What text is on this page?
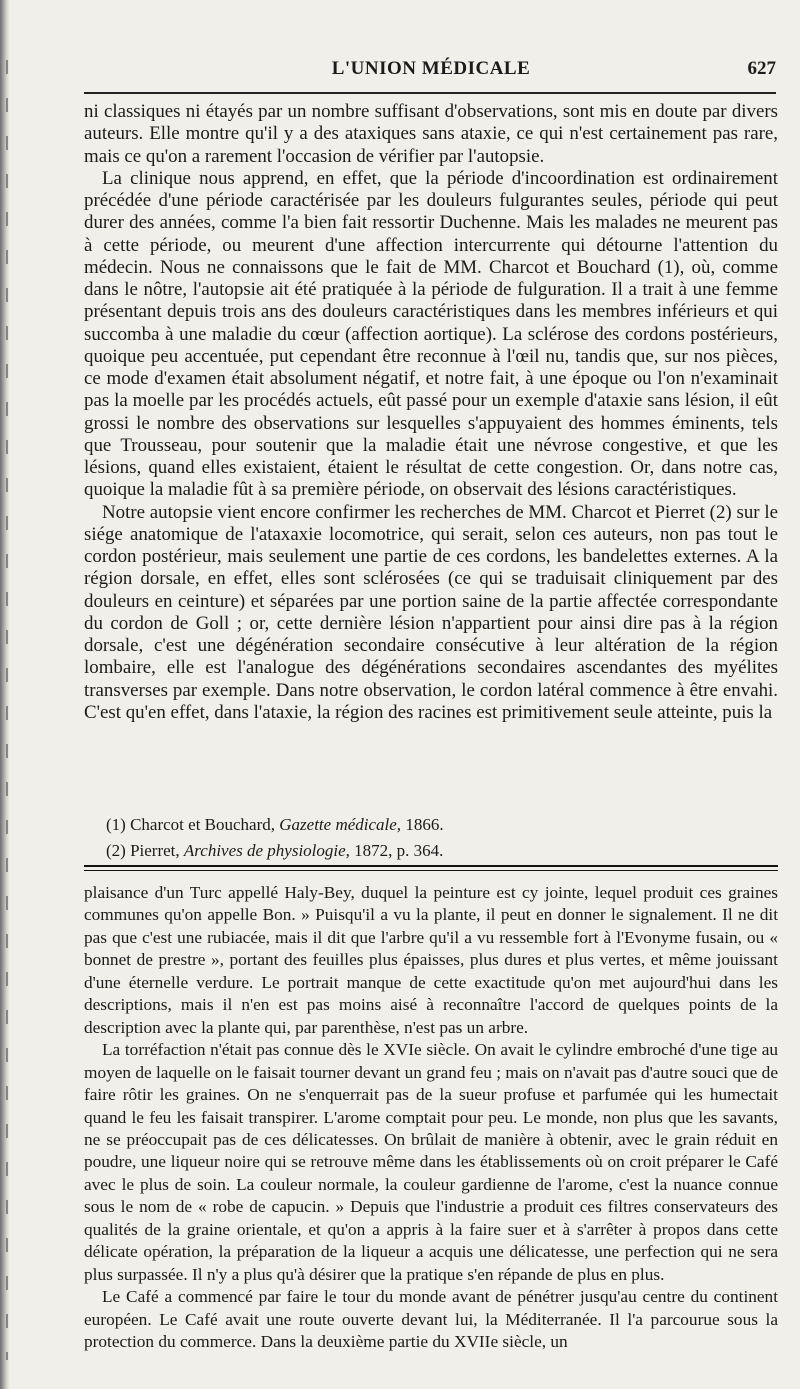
L'UNION MÉDICALE	627

ni classiques ni étayés par un nombre suffisant d'observations, sont mis en doute par divers auteurs. Elle montre qu'il y a des ataxiques sans ataxie, ce qui n'est certainement pas rare, mais ce qu'on a rarement l'occasion de vérifier par l'autopsie.

La clinique nous apprend, en effet, que la période d'incoordination est ordinairement précédée d'une période caractérisée par les douleurs fulgurantes seules, période qui peut durer des années, comme l'a bien fait ressortir Duchenne. Mais les malades ne meurent pas à cette période, ou meurent d'une affection intercurrente qui détourne l'attention du médecin. Nous ne connaissons que le fait de MM. Charcot et Bouchard (1), où, comme dans le nôtre, l'autopsie ait été pratiquée à la période de fulguration. Il a trait à une femme présentant depuis trois ans des douleurs caractéristiques dans les membres inférieurs et qui succomba à une maladie du cœur (affection aortique). La sclérose des cordons postérieurs, quoique peu accentuée, put cependant être reconnue à l'œil nu, tandis que, sur nos pièces, ce mode d'examen était absolument négatif, et notre fait, à une époque ou l'on n'examinait pas la moelle par les procédés actuels, eût passé pour un exemple d'ataxie sans lésion, il eût grossi le nombre des observations sur lesquelles s'appuyaient des hommes éminents, tels que Trousseau, pour soutenir que la maladie était une névrose congestive, et que les lésions, quand elles existaient, étaient le résultat de cette congestion. Or, dans notre cas, quoique la maladie fût à sa première période, on observait des lésions caractéristiques.

Notre autopsie vient encore confirmer les recherches de MM. Charcot et Pierret (2) sur le siége anatomique de l'ataxaxie locomotrice, qui serait, selon ces auteurs, non pas tout le cordon postérieur, mais seulement une partie de ces cordons, les bandelettes externes. A la région dorsale, en effet, elles sont sclérosées (ce qui se traduisait cliniquement par des douleurs en ceinture) et séparées par une portion saine de la partie affectée correspondante du cordon de Goll ; or, cette dernière lésion n'appartient pour ainsi dire pas à la région dorsale, c'est une dégénération secondaire consécutive à leur altération de la région lombaire, elle est l'analogue des dégénérations secondaires ascendantes des myélites transverses par exemple. Dans notre observation, le cordon latéral commence à être envahi. C'est qu'en effet, dans l'ataxie, la région des racines est primitivement seule atteinte, puis la

(1) Charcot et Bouchard, Gazette médicale, 1866.

(2) Pierret, Archives de physiologie, 1872, p. 364.

plaisance d'un Turc appellé Haly-Bey, duquel la peinture est cy jointe, lequel produit ces graines communes qu'on appelle Bon. » Puisqu'il a vu la plante, il peut en donner le signalement. Il ne dit pas que c'est une rubiacée, mais il dit que l'arbre qu'il a vu ressemble fort à l'Evonyme fusain, ou « bonnet de prestre », portant des feuilles plus épaisses, plus dures et plus vertes, et même jouissant d'une éternelle verdure. Le portrait manque de cette exactitude qu'on met aujourd'hui dans les descriptions, mais il n'en est pas moins aisé à reconnaître l'accord de quelques points de la description avec la plante qui, par parenthèse, n'est pas un arbre.

La torréfaction n'était pas connue dès le XVIe siècle. On avait le cylindre embroché d'une tige au moyen de laquelle on le faisait tourner devant un grand feu ; mais on n'avait pas d'autre souci que de faire rôtir les graines. On ne s'enquerrait pas de la sueur profuse et parfumée qui les humectait quand le feu les faisait transpirer. L'arome comptait pour peu. Le monde, non plus que les savants, ne se préoccupait pas de ces délicatesses. On brûlait de manière à obtenir, avec le grain réduit en poudre, une liqueur noire qui se retrouve même dans les établissements où on croit préparer le Café avec le plus de soin. La couleur normale, la couleur gardienne de l'arome, c'est la nuance connue sous le nom de « robe de capucin. » Depuis que l'industrie a produit ces filtres conservateurs des qualités de la graine orientale, et qu'on a appris à la faire suer et à s'arrêter à propos dans cette délicate opération, la préparation de la liqueur a acquis une délicatesse, une perfection qui ne sera plus surpassée. Il n'y a plus qu'à désirer que la pratique s'en répande de plus en plus.

Le Café a commencé par faire le tour du monde avant de pénétrer jusqu'au centre du continent européen. Le Café avait une route ouverte devant lui, la Méditerranée. Il l'a parcourue sous la protection du commerce. Dans la deuxième partie du XVIIe siècle, un
